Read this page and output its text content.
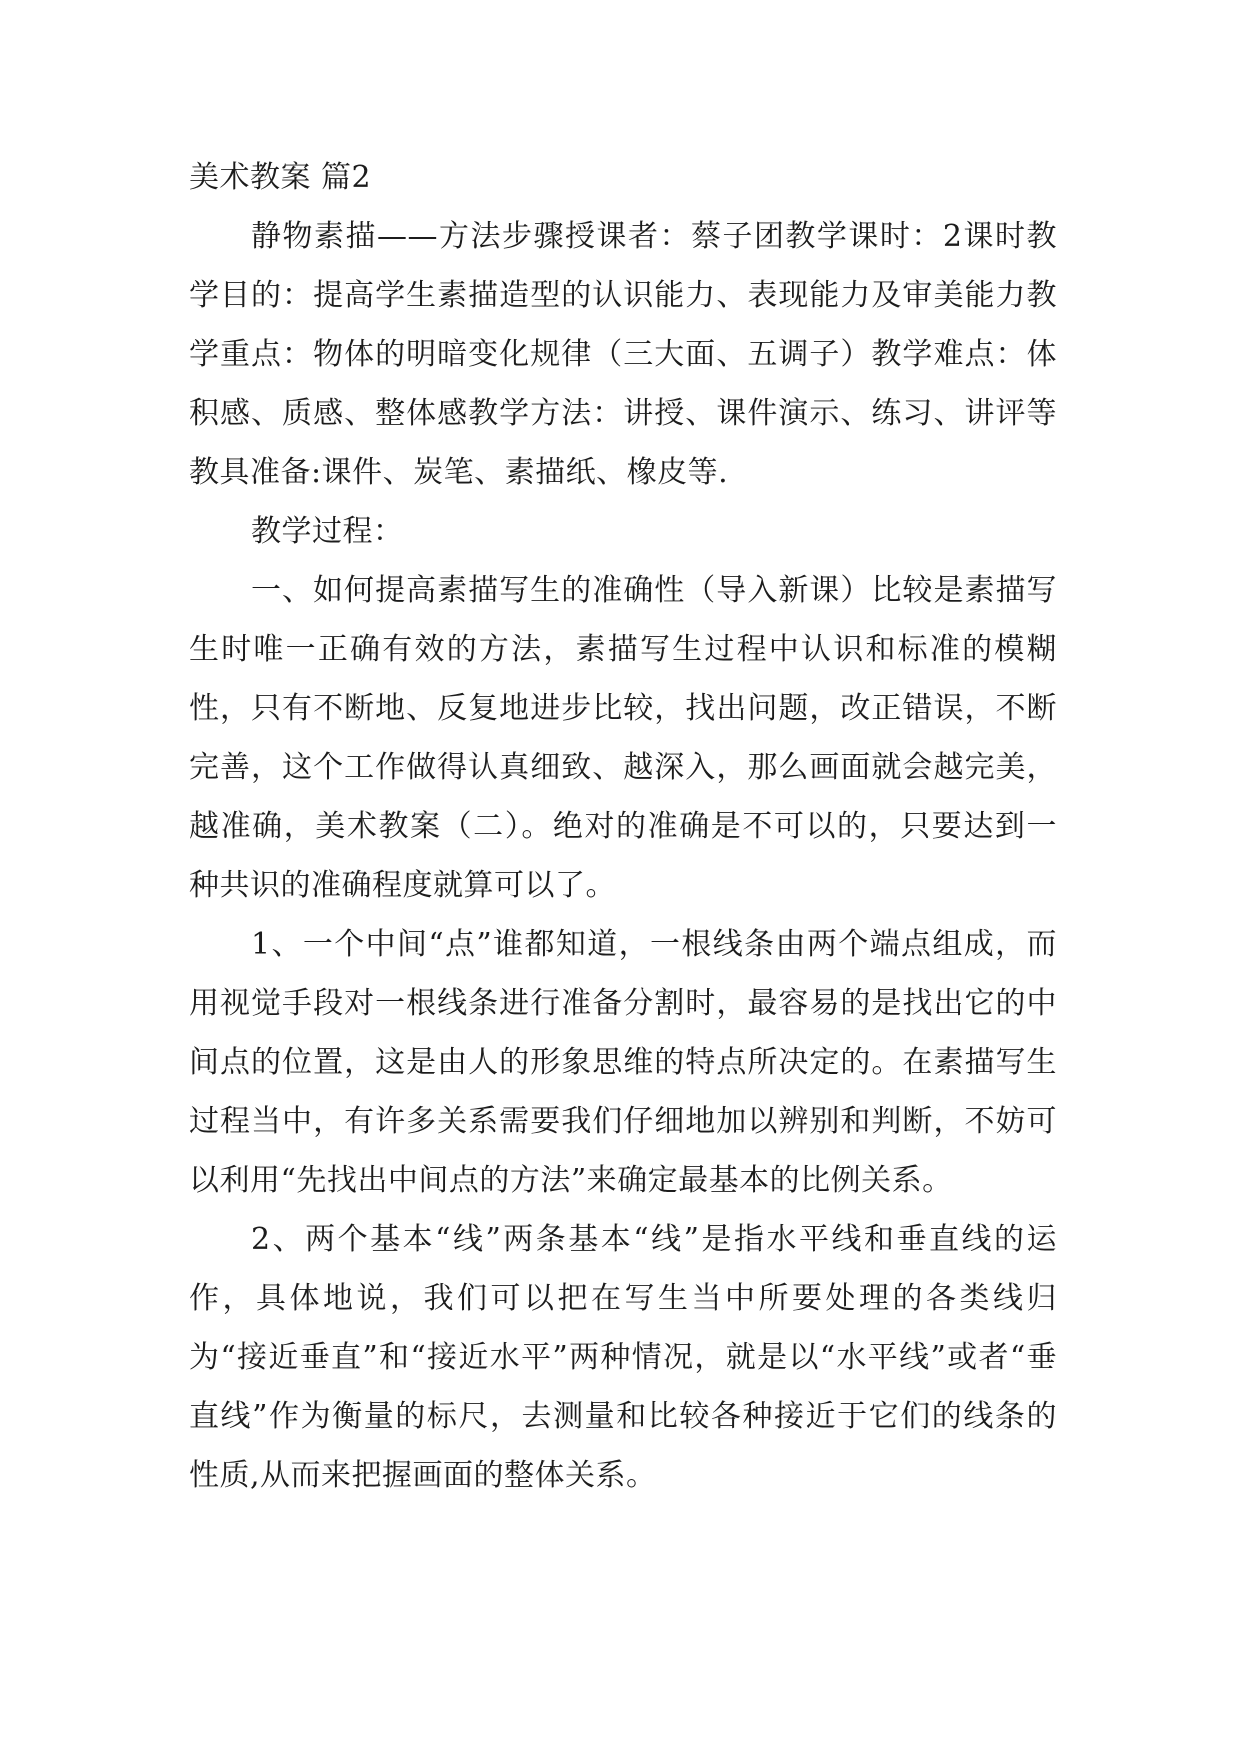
美术教案 篇2

静物素描——方法步骤授课者：蔡子团教学课时：2课时教学目的：提高学生素描造型的认识能力、表现能力及审美能力教学重点：物体的明暗变化规律（三大面、五调子）教学难点：体积感、质感、整体感教学方法：讲授、课件演示、练习、讲评等教具准备:课件、炭笔、素描纸、橡皮等.

教学过程：

一、如何提高素描写生的准确性（导入新课）比较是素描写生时唯一正确有效的方法，素描写生过程中认识和标准的模糊性，只有不断地、反复地进步比较，找出问题，改正错误，不断完善，这个工作做得认真细致、越深入，那么画面就会越完美，越准确，美术教案（二）。绝对的准确是不可以的，只要达到一种共识的准确程度就算可以了。

1、一个中间“点”谁都知道，一根线条由两个端点组成，而用视觉手段对一根线条进行准备分割时，最容易的是找出它的中间点的位置，这是由人的形象思维的特点所决定的。在素描写生过程当中，有许多关系需要我们仔细地加以辨别和判断，不妨可以利用“先找出中间点的方法”来确定最基本的比例关系。

2、两个基本“线”两条基本“线”是指水平线和垂直线的运作，具体地说，我们可以把在写生当中所要处理的各类线归为“接近垂直”和“接近水平”两种情况，就是以“水平线”或者“垂直线”作为衡量的标尺，去测量和比较各种接近于它们的线条的性质,从而来把握画面的整体关系。
